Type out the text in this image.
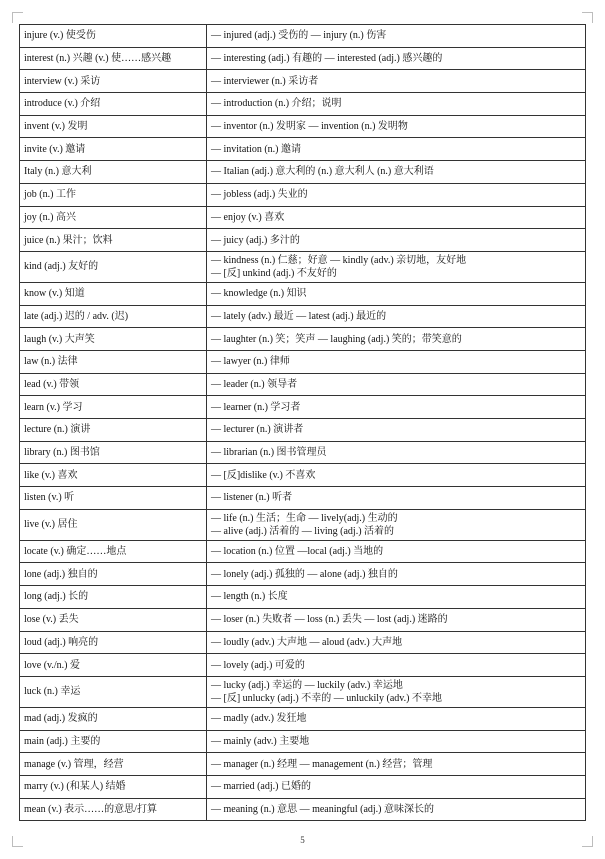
injure (v.) 使受伤	— injured (adj.) 受伤的 — injury (n.) 伤害

interest (n.) 兴趣 (v.) 使……感兴趣	— interesting (adj.) 有趣的 — interested (adj.) 感兴趣的

interview (v.) 采访	— interviewer (n.) 采访者

introduce (v.) 介绍	— introduction (n.) 介绍；说明

invent (v.) 发明	— inventor (n.) 发明家 — invention (n.) 发明物

invite (v.) 邀请	— invitation (n.) 邀请

Italy (n.) 意大利	— Italian (adj.) 意大利的 (n.) 意大利人 (n.) 意大利语

job (n.) 工作	— jobless (adj.) 失业的

joy (n.) 高兴	— enjoy (v.) 喜欢

juice (n.) 果汁；饮料	— juicy (adj.) 多汁的

kind (adj.) 友好的	— kindness (n.) 仁慈；好意 — kindly (adv.) 亲切地，友好地
— [反] unkind (adj.) 不友好的

know (v.) 知道	— knowledge (n.) 知识

late (adj.) 迟的 / adv. (迟)	— lately (adv.) 最近 — latest (adj.) 最近的

laugh (v.) 大声笑	— laughter (n.) 笑；笑声 — laughing (adj.) 笑的；带笑意的

law (n.) 法律	— lawyer (n.) 律师

lead (v.) 带领	— leader (n.) 领导者

learn (v.) 学习	— learner (n.) 学习者

lecture (n.) 演讲	— lecturer (n.) 演讲者

library (n.) 图书馆	— librarian (n.) 图书管理员

like (v.) 喜欢	— [反]dislike (v.) 不喜欢

listen (v.) 听	— listener (n.) 听者

live (v.) 居住	— life (n.) 生活；生命 — lively(adj.) 生动的
— alive (adj.) 活着的 — living (adj.) 活着的

locate (v.) 确定……地点	— location (n.) 位置 —local (adj.) 当地的

lone (adj.) 独自的	— lonely (adj.) 孤独的 — alone (adj.) 独自的

long (adj.) 长的	— length (n.) 长度

lose (v.) 丢失	— loser (n.) 失败者 — loss (n.) 丢失 — lost (adj.) 迷路的

loud (adj.) 响亮的	— loudly (adv.) 大声地 — aloud (adv.) 大声地

love (v./n.) 爱	— lovely (adj.) 可爱的

luck (n.) 幸运	— lucky (adj.) 幸运的 — luckily (adv.) 幸运地
— [反] unlucky (adj.) 不幸的 — unluckily (adv.) 不幸地

mad (adj.) 发疯的	— madly (adv.) 发狂地

main (adj.) 主要的	— mainly (adv.) 主要地

manage (v.) 管理，经营	— manager (n.) 经理 — management (n.) 经营；管理

marry (v.) (和某人) 结婚	— married (adj.) 已婚的

mean (v.) 表示……的意思/打算	— meaning (n.) 意思 — meaningful (adj.) 意味深长的
5
